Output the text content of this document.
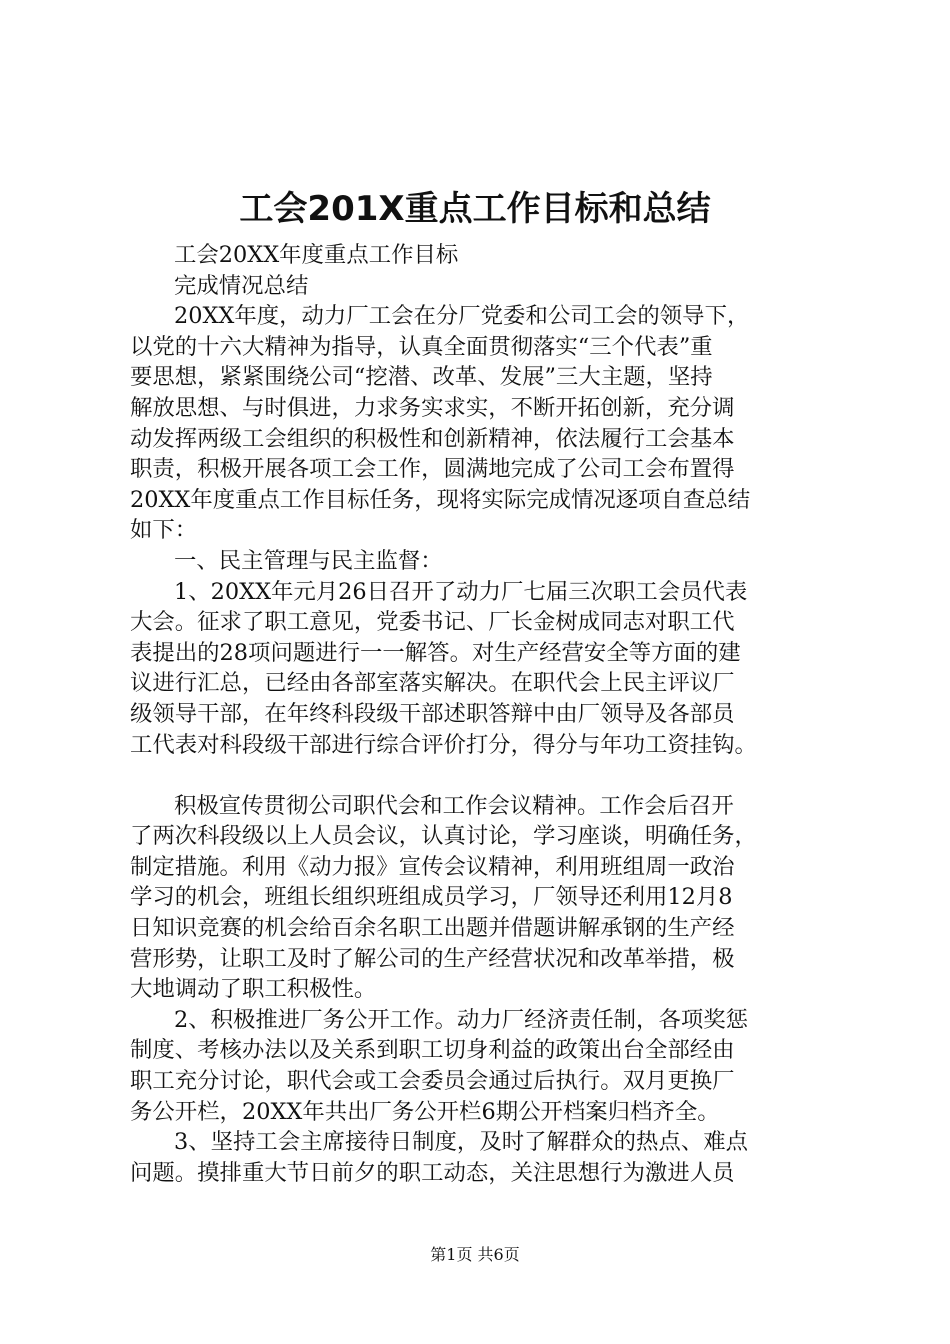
工会201X重点工作目标和总结

工会20XX年度重点工作目标

完成情况总结

20XX年度，动力厂工会在分厂党委和公司工会的领导下，

以党的十六大精神为指导，认真全面贯彻落实“三个代表”重

要思想，紧紧围绕公司“挖潜、改革、发展”三大主题，坚持

解放思想、与时俱进，力求务实求实，不断开拓创新，充分调

动发挥两级工会组织的积极性和创新精神，依法履行工会基本

职责，积极开展各项工会工作，圆满地完成了公司工会布置得

20XX年度重点工作目标任务，现将实际完成情况逐项自查总结

如下：

一、民主管理与民主监督：

1、20XX年元月26日召开了动力厂七届三次职工会员代表

大会。征求了职工意见，党委书记、厂长金树成同志对职工代

表提出的28项问题进行一一解答。对生产经营安全等方面的建

议进行汇总，已经由各部室落实解决。在职代会上民主评议厂

级领导干部，在年终科段级干部述职答辩中由厂领导及各部员

工代表对科段级干部进行综合评价打分，得分与年功工资挂钩。

积极宣传贯彻公司职代会和工作会议精神。工作会后召开

了两次科段级以上人员会议，认真讨论，学习座谈，明确任务，

制定措施。利用《动力报》宣传会议精神，利用班组周一政治

学习的机会，班组长组织班组成员学习，厂领导还利用12月8

日知识竞赛的机会给百余名职工出题并借题讲解承钢的生产经

营形势，让职工及时了解公司的生产经营状况和改革举措，极

大地调动了职工积极性。

2、积极推进厂务公开工作。动力厂经济责任制，各项奖惩

制度、考核办法以及关系到职工切身利益的政策出台全部经由

职工充分讨论，职代会或工会委员会通过后执行。双月更换厂

务公开栏，20XX年共出厂务公开栏6期公开档案归档齐全。

3、坚持工会主席接待日制度，及时了解群众的热点、难点

问题。摸排重大节日前夕的职工动态，关注思想行为激进人员

第1页 共6页
